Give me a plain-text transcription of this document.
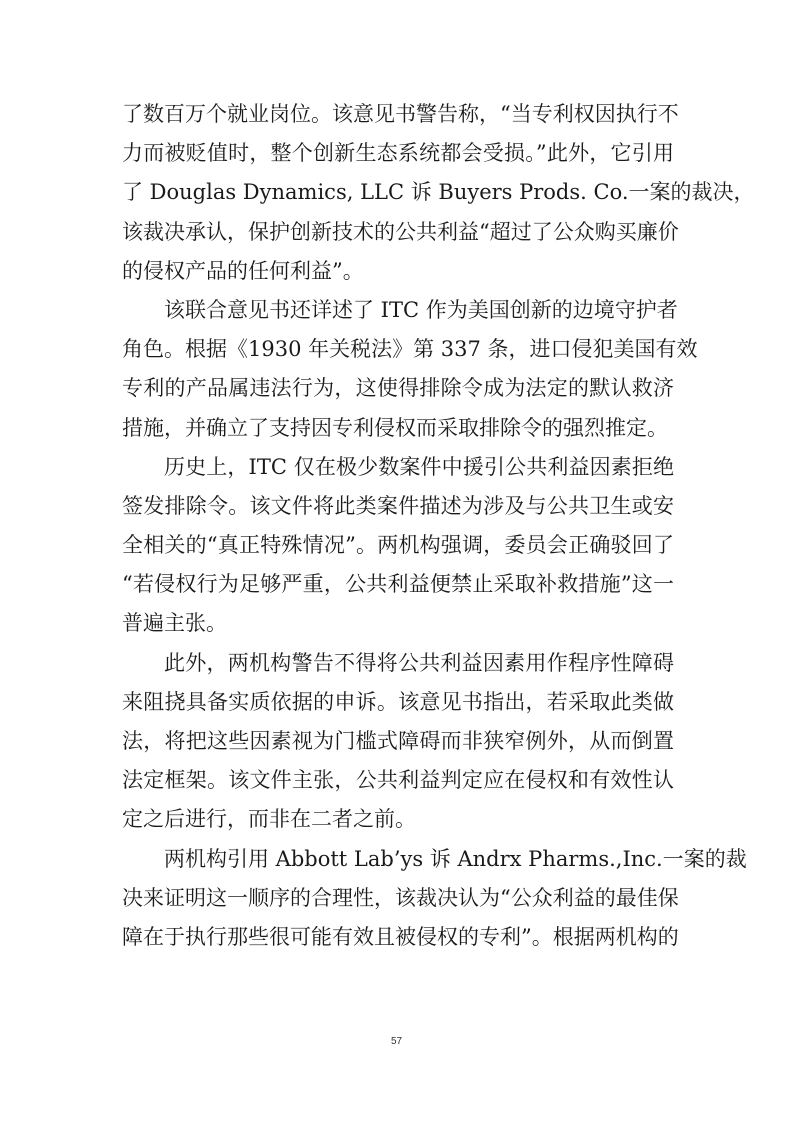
了数百万个就业岗位。该意见书警告称，“当专利权因执行不
力而被贬值时，整个创新生态系统都会受损。”此外，它引用
了 Douglas Dynamics, LLC 诉 Buyers Prods. Co.一案的裁决，
该裁决承认，保护创新技术的公共利益“超过了公众购买廉价
的侵权产品的任何利益”。
该联合意见书还详述了 ITC 作为美国创新的边境守护者
角色。根据《1930 年关税法》第 337 条，进口侵犯美国有效
专利的产品属违法行为，这使得排除令成为法定的默认救济
措施，并确立了支持因专利侵权而采取排除令的强烈推定。
历史上，ITC 仅在极少数案件中援引公共利益因素拒绝
签发排除令。该文件将此类案件描述为涉及与公共卫生或安
全相关的“真正特殊情况”。两机构强调，委员会正确驳回了
“若侵权行为足够严重，公共利益便禁止采取补救措施”这一
普遍主张。
此外，两机构警告不得将公共利益因素用作程序性障碍
来阻挠具备实质依据的申诉。该意见书指出，若采取此类做
法，将把这些因素视为门槛式障碍而非狭窄例外，从而倒置
法定框架。该文件主张，公共利益判定应在侵权和有效性认
定之后进行，而非在二者之前。
两机构引用 Abbott Lab’ys 诉 Andrx Pharms.,Inc.一案的裁
决来证明这一顺序的合理性，该裁决认为“公众利益的最佳保
障在于执行那些很可能有效且被侵权的专利”。根据两机构的
57
